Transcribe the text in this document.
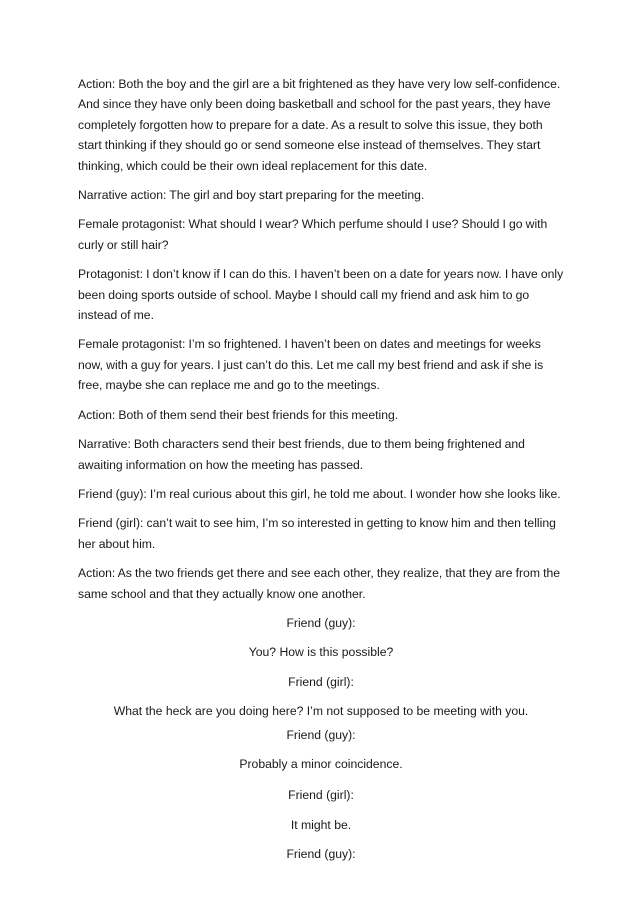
Action: Both the boy and the girl are a bit frightened as they have very low self-confidence. And since they have only been doing basketball and school for the past years, they have completely forgotten how to prepare for a date. As a result to solve this issue, they both start thinking if they should go or send someone else instead of themselves. They start thinking, which could be their own ideal replacement for this date.

Narrative action: The girl and boy start preparing for the meeting.

Female protagonist: What should I wear? Which perfume should I use? Should I go with curly or still hair?

Protagonist: I don’t know if I can do this. I haven’t been on a date for years now. I have only been doing sports outside of school. Maybe I should call my friend and ask him to go instead of me.

Female protagonist: I’m so frightened. I haven’t been on dates and meetings for weeks now, with a guy for years. I just can’t do this. Let me call my best friend and ask if she is free, maybe she can replace me and go to the meetings.

Action: Both of them send their best friends for this meeting.

Narrative: Both characters send their best friends, due to them being frightened and awaiting information on how the meeting has passed.

Friend (guy): I’m real curious about this girl, he told me about. I wonder how she looks like.

Friend (girl): can’t wait to see him, I’m so interested in getting to know him and then telling her about him.

Action: As the two friends get there and see each other, they realize, that they are from the same school and that they actually know one another.

Friend (guy):

You? How is this possible?

Friend (girl):

What the heck are you doing here? I’m not supposed to be meeting with you.

Friend (guy):

Probably a minor coincidence.

Friend (girl):

It might be.

Friend (guy):
